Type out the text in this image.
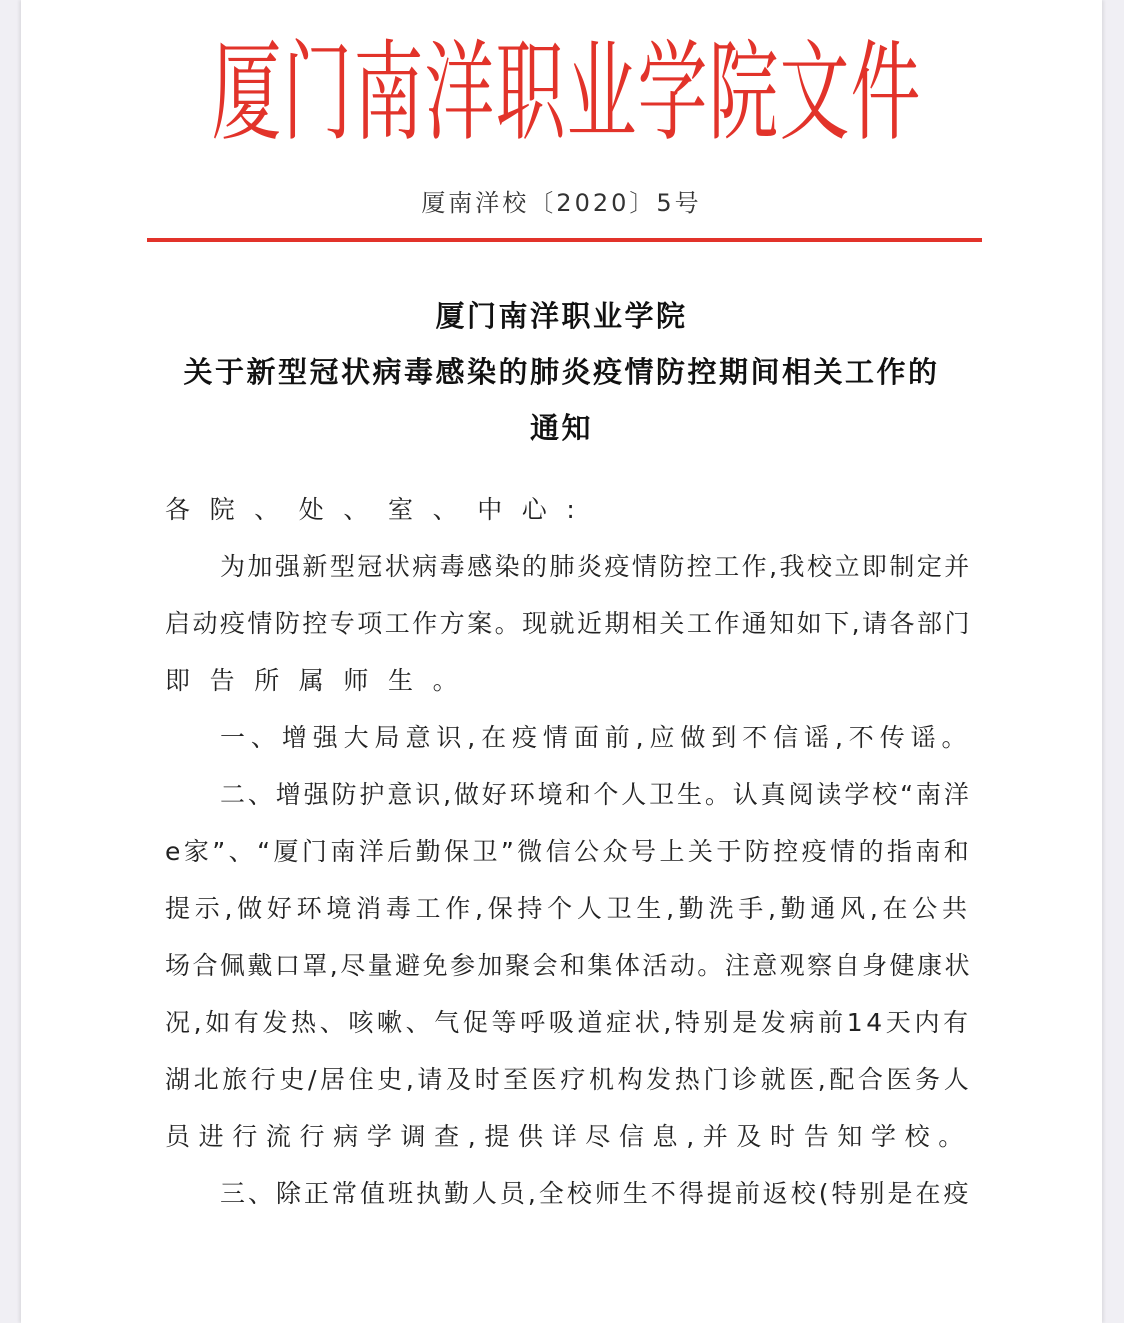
厦门南洋职业学院文件
厦南洋校〔2020〕5号
厦门南洋职业学院
关于新型冠状病毒感染的肺炎疫情防控期间相关工作的
通知
各院、处、室、中心:
为加强新型冠状病毒感染的肺炎疫情防控工作,我校立即制定并
启动疫情防控专项工作方案。现就近期相关工作通知如下,请各部门
即告所属师生。
一、增强大局意识,在疫情面前,应做到不信谣,不传谣。
二、增强防护意识,做好环境和个人卫生。认真阅读学校“南洋
e家”、“厦门南洋后勤保卫”微信公众号上关于防控疫情的指南和
提示,做好环境消毒工作,保持个人卫生,勤洗手,勤通风,在公共
场合佩戴口罩,尽量避免参加聚会和集体活动。注意观察自身健康状
况,如有发热、咳嗽、气促等呼吸道症状,特别是发病前14天内有
湖北旅行史/居住史,请及时至医疗机构发热门诊就医,配合医务人
员进行流行病学调查,提供详尽信息,并及时告知学校。
三、除正常值班执勤人员,全校师生不得提前返校(特别是在疫
